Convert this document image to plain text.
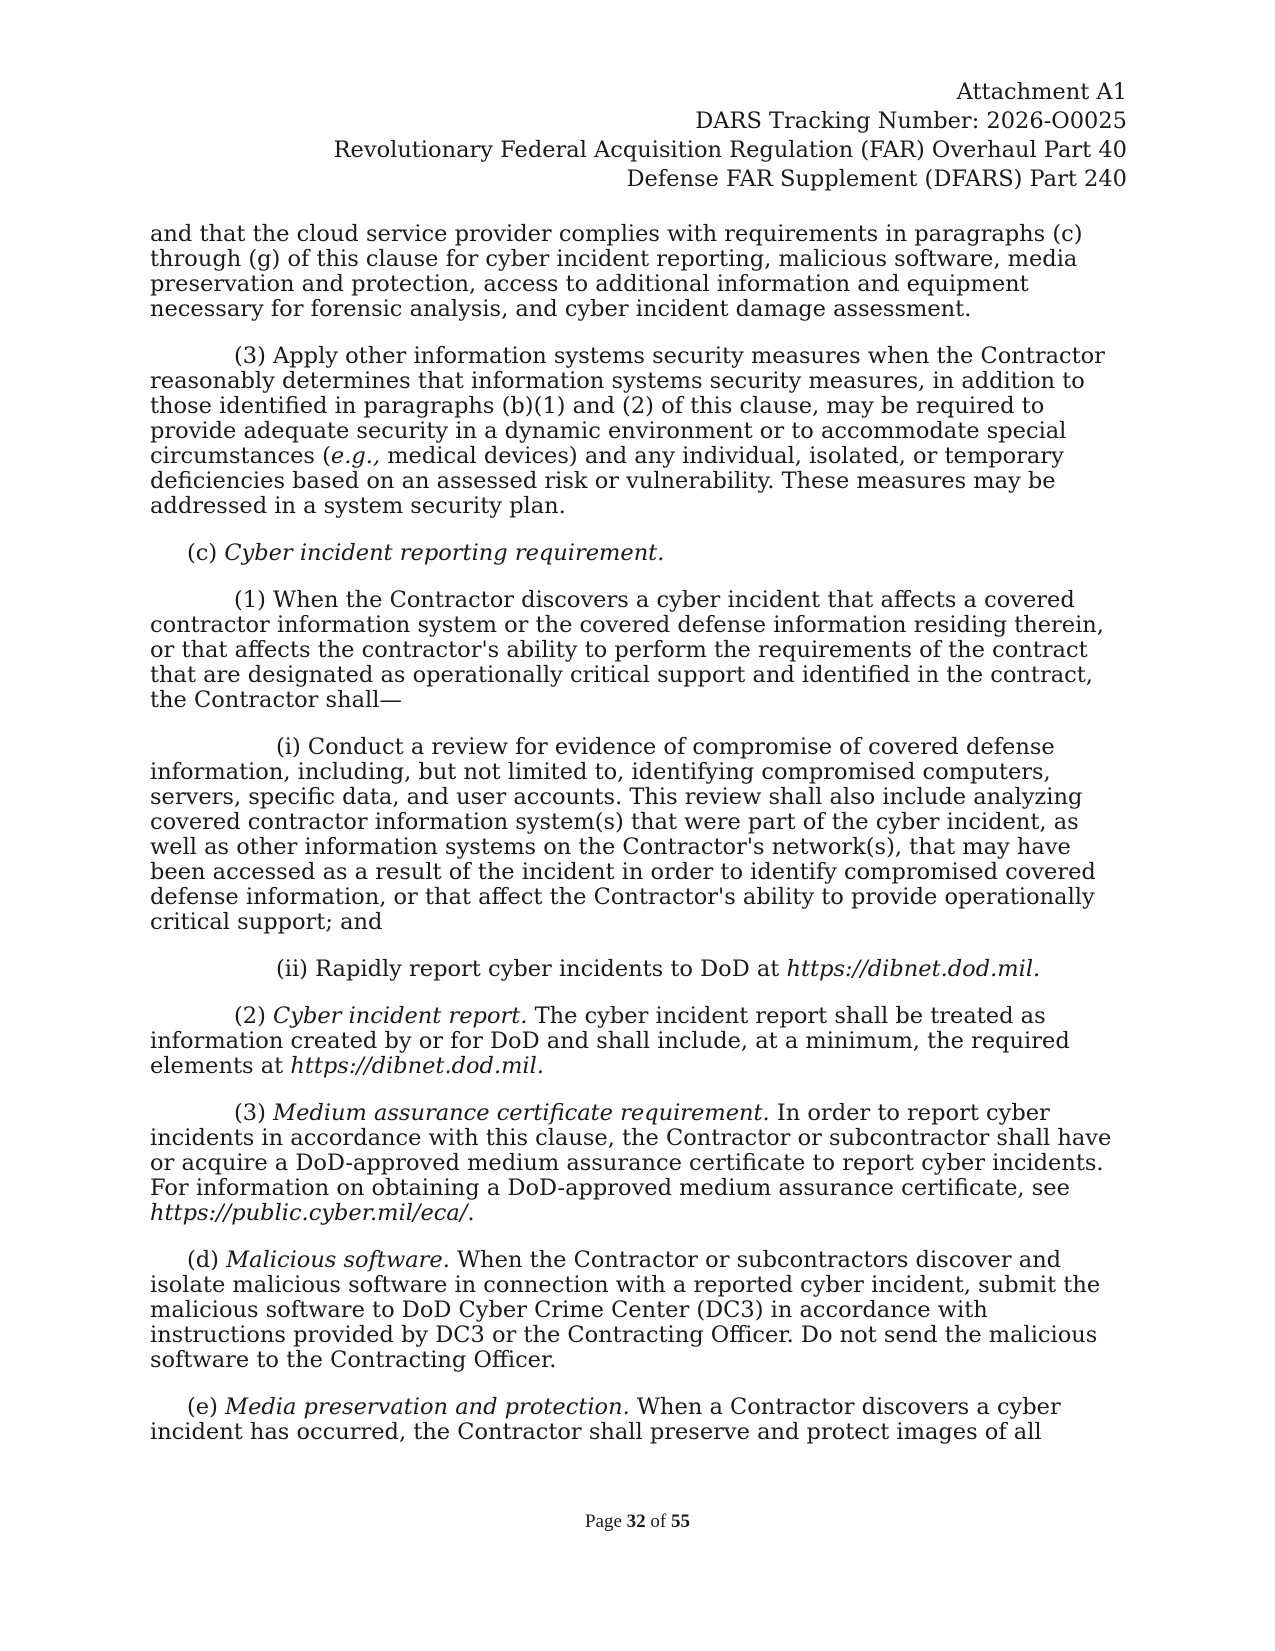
Attachment A1
DARS Tracking Number: 2026-O0025
Revolutionary Federal Acquisition Regulation (FAR) Overhaul Part 40
Defense FAR Supplement (DFARS) Part 240

and that the cloud service provider complies with requirements in paragraphs (c) through (g) of this clause for cyber incident reporting, malicious software, media preservation and protection, access to additional information and equipment necessary for forensic analysis, and cyber incident damage assessment.

(3) Apply other information systems security measures when the Contractor reasonably determines that information systems security measures, in addition to those identified in paragraphs (b)(1) and (2) of this clause, may be required to provide adequate security in a dynamic environment or to accommodate special circumstances (e.g., medical devices) and any individual, isolated, or temporary deficiencies based on an assessed risk or vulnerability. These measures may be addressed in a system security plan.

(c) Cyber incident reporting requirement.

(1) When the Contractor discovers a cyber incident that affects a covered contractor information system or the covered defense information residing therein, or that affects the contractor's ability to perform the requirements of the contract that are designated as operationally critical support and identified in the contract, the Contractor shall—

(i) Conduct a review for evidence of compromise of covered defense information, including, but not limited to, identifying compromised computers, servers, specific data, and user accounts. This review shall also include analyzing covered contractor information system(s) that were part of the cyber incident, as well as other information systems on the Contractor's network(s), that may have been accessed as a result of the incident in order to identify compromised covered defense information, or that affect the Contractor's ability to provide operationally critical support; and

(ii) Rapidly report cyber incidents to DoD at https://dibnet.dod.mil.

(2) Cyber incident report. The cyber incident report shall be treated as information created by or for DoD and shall include, at a minimum, the required elements at https://dibnet.dod.mil.

(3) Medium assurance certificate requirement. In order to report cyber incidents in accordance with this clause, the Contractor or subcontractor shall have or acquire a DoD-approved medium assurance certificate to report cyber incidents. For information on obtaining a DoD-approved medium assurance certificate, see https://public.cyber.mil/eca/.

(d) Malicious software. When the Contractor or subcontractors discover and isolate malicious software in connection with a reported cyber incident, submit the malicious software to DoD Cyber Crime Center (DC3) in accordance with instructions provided by DC3 or the Contracting Officer. Do not send the malicious software to the Contracting Officer.

(e) Media preservation and protection. When a Contractor discovers a cyber incident has occurred, the Contractor shall preserve and protect images of all

Page 32 of 55
